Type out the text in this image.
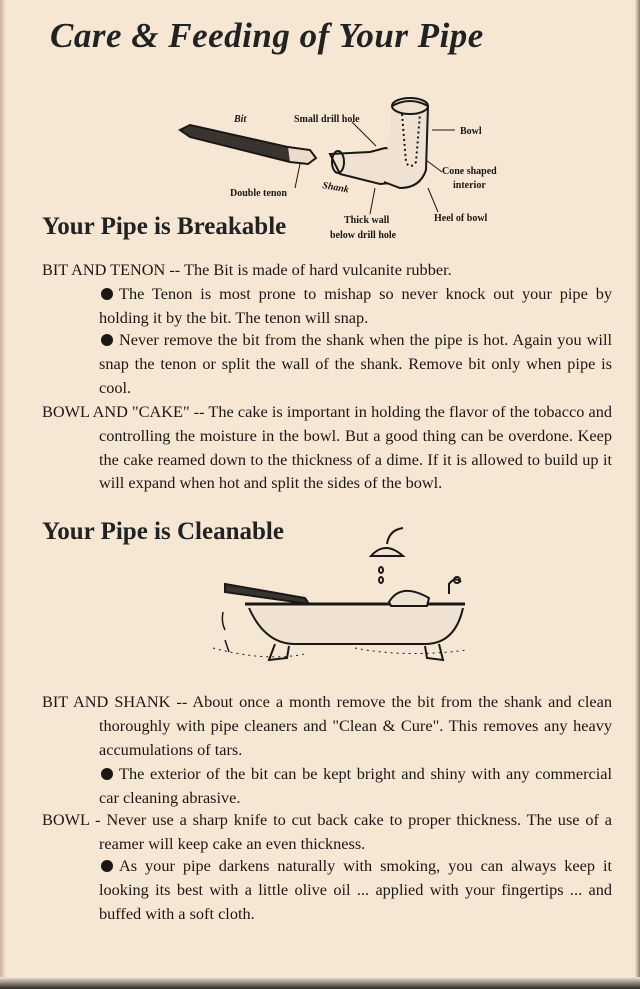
Care & Feeding of Your Pipe
Bit	Small drill hole
Bowl
Shank
Cone shaped
interior
Double tenon
Thick wall
below drill hole
Heel of bowl
Your Pipe is Breakable

BIT AND TENON -- The Bit is made of hard vulcanite rubber.

The Tenon is most prone to mishap so never knock out your pipe by holding it by the bit. The tenon will snap.

Never remove the bit from the shank when the pipe is hot. Again you will snap the tenon or split the wall of the shank. Remove bit only when pipe is cool.

BOWL AND "CAKE" -- The cake is important in holding the flavor of the tobacco and controlling the moisture in the bowl. But a good thing can be overdone. Keep the cake reamed down to the thickness of a dime. If it is allowed to build up it will expand when hot and split the sides of the bowl.

Your Pipe is Cleanable

BIT AND SHANK -- About once a month remove the bit from the shank and clean thoroughly with pipe cleaners and "Clean & Cure". This removes any heavy accumulations of tars.

The exterior of the bit can be kept bright and shiny with any commercial car cleaning abrasive.

BOWL - Never use a sharp knife to cut back cake to proper thickness. The use of a reamer will keep cake an even thickness.

As your pipe darkens naturally with smoking, you can always keep it looking its best with a little olive oil ... applied with your fingertips ... and buffed with a soft cloth.
